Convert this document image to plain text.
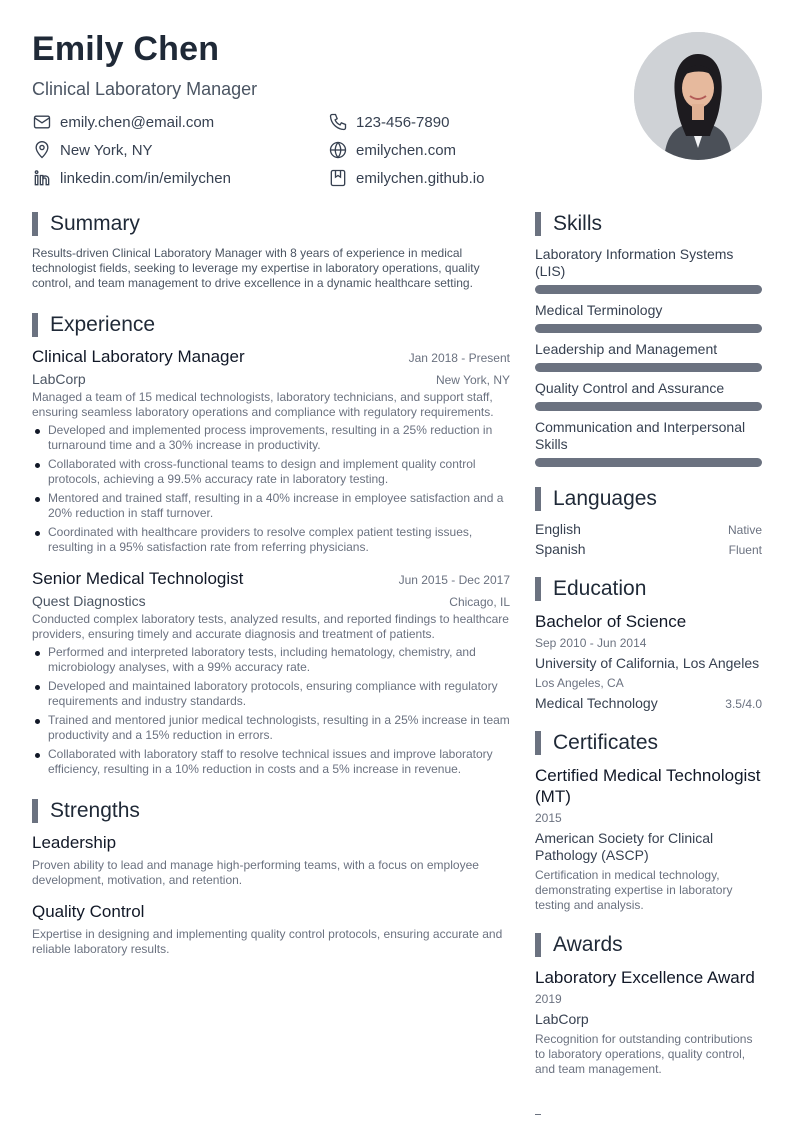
Emily Chen
Clinical Laboratory Manager
emily.chen@email.com	123-456-7890
New York, NY	emilychen.com
linkedin.com/in/emilychen	emilychen.github.io
Summary
Results-driven Clinical Laboratory Manager with 8 years of experience in medical technologist fields, seeking to leverage my expertise in laboratory operations, quality control, and team management to drive excellence in a dynamic healthcare setting.
Experience
Clinical Laboratory Manager	Jan 2018 - Present
LabCorp	New York, NY
Managed a team of 15 medical technologists, laboratory technicians, and support staff, ensuring seamless laboratory operations and compliance with regulatory requirements.
Developed and implemented process improvements, resulting in a 25% reduction in turnaround time and a 30% increase in productivity.
Collaborated with cross-functional teams to design and implement quality control protocols, achieving a 99.5% accuracy rate in laboratory testing.
Mentored and trained staff, resulting in a 40% increase in employee satisfaction and a 20% reduction in staff turnover.
Coordinated with healthcare providers to resolve complex patient testing issues, resulting in a 95% satisfaction rate from referring physicians.
Senior Medical Technologist	Jun 2015 - Dec 2017
Quest Diagnostics	Chicago, IL
Conducted complex laboratory tests, analyzed results, and reported findings to healthcare providers, ensuring timely and accurate diagnosis and treatment of patients.
Performed and interpreted laboratory tests, including hematology, chemistry, and microbiology analyses, with a 99% accuracy rate.
Developed and maintained laboratory protocols, ensuring compliance with regulatory requirements and industry standards.
Trained and mentored junior medical technologists, resulting in a 25% increase in team productivity and a 15% reduction in errors.
Collaborated with laboratory staff to resolve technical issues and improve laboratory efficiency, resulting in a 10% reduction in costs and a 5% increase in revenue.
Strengths
Leadership
Proven ability to lead and manage high-performing teams, with a focus on employee development, motivation, and retention.
Quality Control
Expertise in designing and implementing quality control protocols, ensuring accurate and reliable laboratory results.
Skills
Laboratory Information Systems (LIS)
Medical Terminology
Leadership and Management
Quality Control and Assurance
Communication and Interpersonal Skills
Languages
English	Native
Spanish	Fluent
Education
Bachelor of Science
Sep 2010 - Jun 2014
University of California, Los Angeles
Los Angeles, CA
Medical Technology	3.5/4.0
Certificates
Certified Medical Technologist (MT)
2015
American Society for Clinical Pathology (ASCP)
Certification in medical technology, demonstrating expertise in laboratory testing and analysis.
Awards
Laboratory Excellence Award
2019
LabCorp
Recognition for outstanding contributions to laboratory operations, quality control, and team management.
